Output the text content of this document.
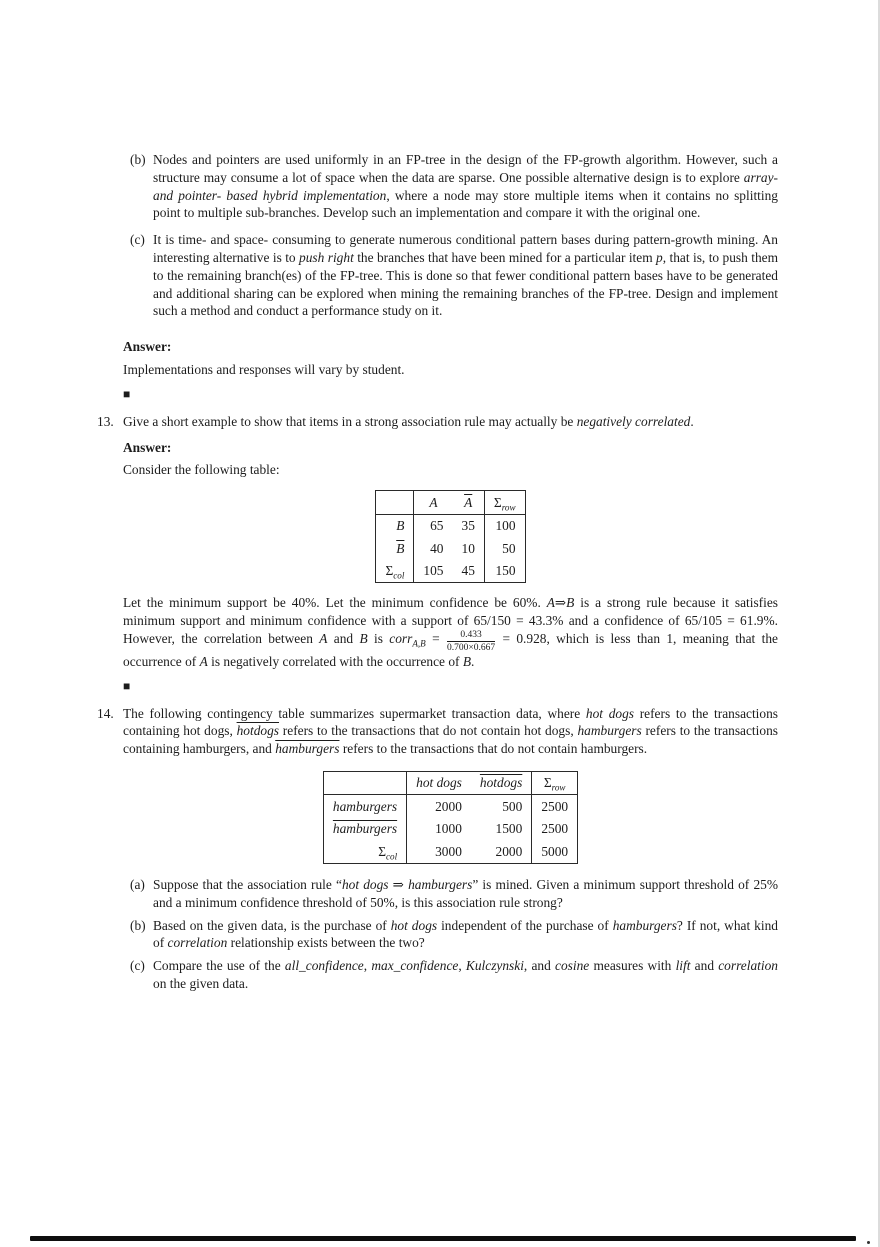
(b) Nodes and pointers are used uniformly in an FP-tree in the design of the FP-growth algorithm. However, such a structure may consume a lot of space when the data are sparse. One possible alternative design is to explore array-and pointer- based hybrid implementation, where a node may store multiple items when it contains no splitting point to multiple sub-branches. Develop such an implementation and compare it with the original one.
(c) It is time- and space- consuming to generate numerous conditional pattern bases during pattern-growth mining. An interesting alternative is to push right the branches that have been mined for a particular item p, that is, to push them to the remaining branch(es) of the FP-tree. This is done so that fewer conditional pattern bases have to be generated and additional sharing can be explored when mining the remaining branches of the FP-tree. Design and implement such a method and conduct a performance study on it.
Answer:
Implementations and responses will vary by student.
■
13. Give a short example to show that items in a strong association rule may actually be negatively correlated.
Answer:
Consider the following table:
	A	$\overline{A}$	$\Sigma_{row}$
B	65	35	100
$\overline{B}$	40	10	50
$\Sigma_{col}$	105	45	150
Let the minimum support be 40%. Let the minimum confidence be 60%. A⇒B is a strong rule because it satisfies minimum support and minimum confidence with a support of 65/150 = 43.3% and a confidence of 65/105 = 61.9%. However, the correlation between A and B is corr$_{A,B}$ = $\frac{0.433}{0.700\times 0.667} = 0.928$, which is less than 1, meaning that the occurrence of A is negatively correlated with the occurrence of B.
■
14. The following contingency table summarizes supermarket transaction data, where hot dogs refers to the transactions containing hot dogs, hotdogs refers to the transactions that do not contain hot dogs, hamburgers refers to the transactions containing hamburgers, and hamburgers refers to the transactions that do not contain hamburgers.
	hot dogs	hotdogs	$\Sigma_{row}$
hamburgers	2000	500	2500
hamburgers	1000	1500	2500
$\Sigma_{col}$	3000	2000	5000
(a) Suppose that the association rule “hot dogs ⇒ hamburgers” is mined. Given a minimum support threshold of 25% and a minimum confidence threshold of 50%, is this association rule strong?
(b) Based on the given data, is the purchase of hot dogs independent of the purchase of hamburgers? If not, what kind of correlation relationship exists between the two?
(c) Compare the use of the all_confidence, max_confidence, Kulczynski, and cosine measures with lift and correlation on the given data.
